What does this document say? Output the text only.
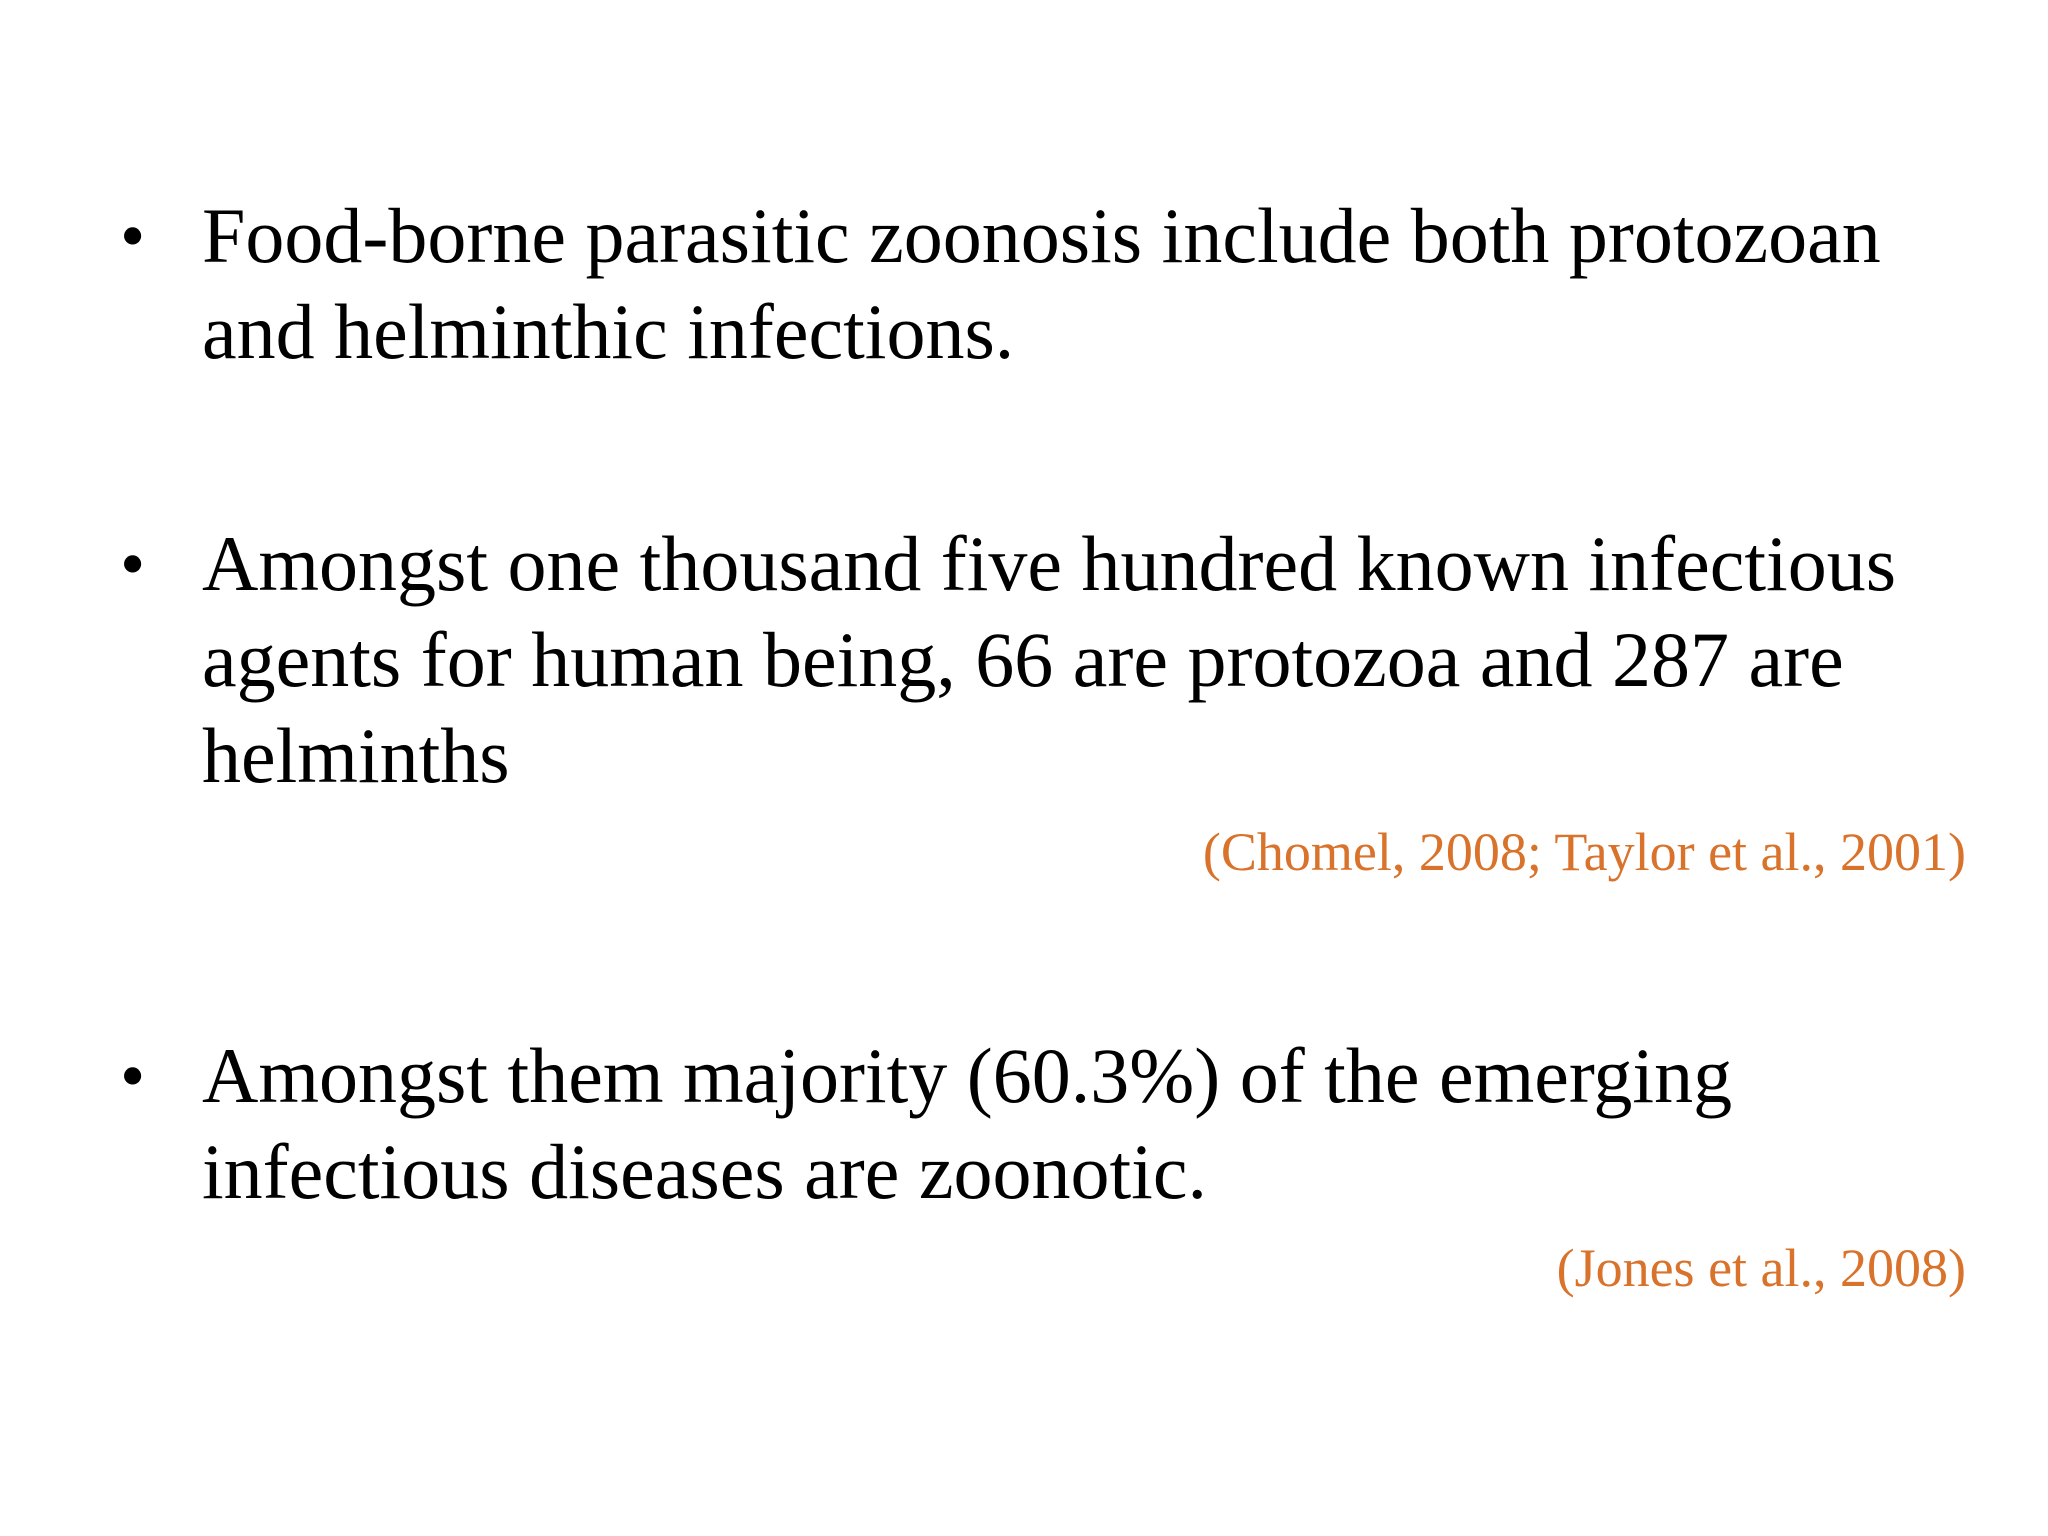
• Food-borne parasitic zoonosis include both protozoan and helminthic infections.
• Amongst one thousand five hundred known infectious agents for human being, 66 are protozoa and 287 are helminths
(Chomel, 2008; Taylor et al., 2001)
• Amongst them majority (60.3%) of the emerging infectious diseases are zoonotic.
(Jones et al., 2008)
